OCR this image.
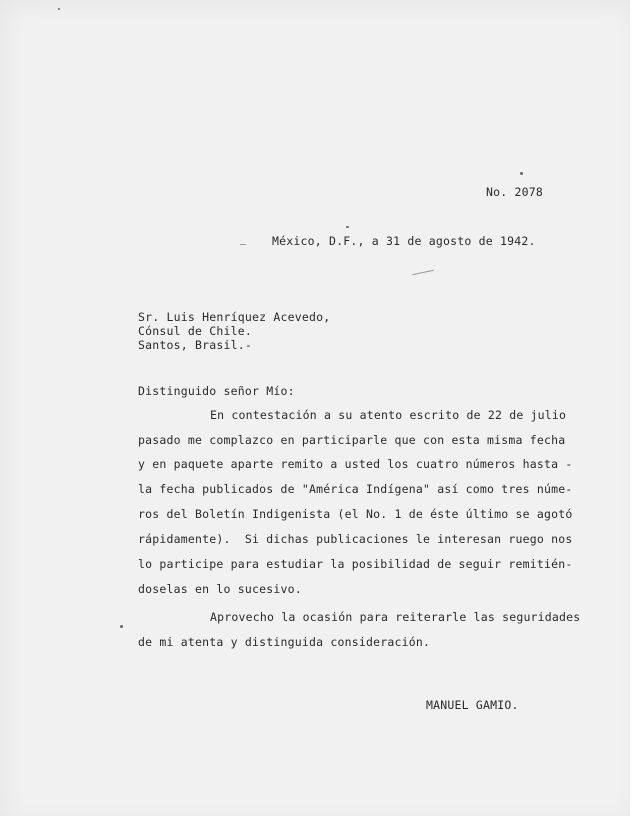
No. 2078
México, D.F., a 31 de agosto de 1942.
Sr. Luis Henríquez Acevedo,
Cónsul de Chile.
Santos, Brasil.-
Distinguido señor Mío:
En contestación a su atento escrito de 22 de julio
pasado me complazco en participarle que con esta misma fecha
y en paquete aparte remito a usted los cuatro números hasta -
la fecha publicados de "América Indígena" así como tres núme-
ros del Boletín Indigenista (el No. 1 de éste último se agotó
rápidamente).  Si dichas publicaciones le interesan ruego nos
lo participe para estudiar la posibilidad de seguir remitién-
doselas en lo sucesivo.
Aprovecho la ocasión para reiterarle las seguridades
de mi atenta y distinguida consideración.
MANUEL GAMIO.
